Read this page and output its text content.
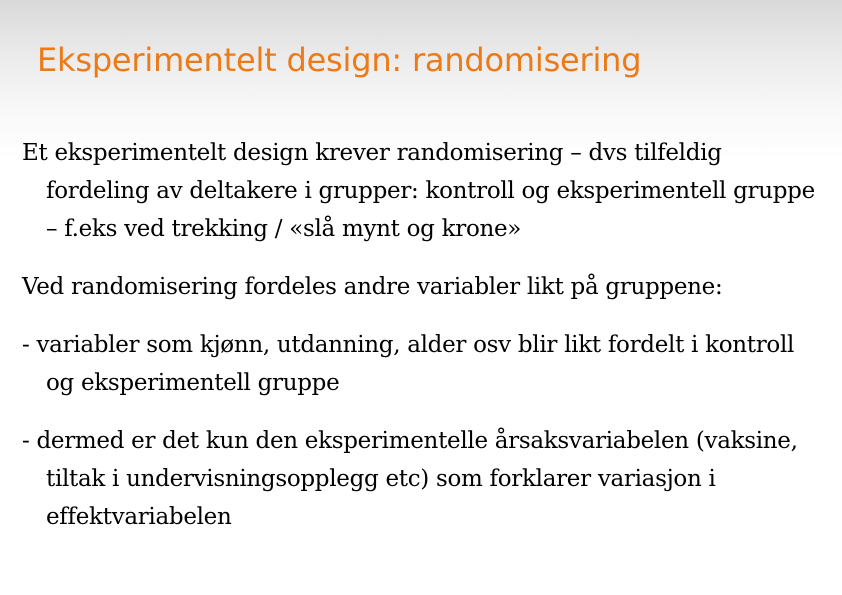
Eksperimentelt design: randomisering

Et eksperimentelt design krever randomisering – dvs tilfeldig fordeling av deltakere i grupper: kontroll og eksperimentell gruppe – f.eks ved trekking / «slå mynt og krone»

Ved randomisering fordeles andre variabler likt på gruppene:

- variabler som kjønn, utdanning, alder osv blir likt fordelt i kontroll og eksperimentell gruppe

- dermed er det kun den eksperimentelle årsaksvariabelen (vaksine, tiltak i undervisningsopplegg etc) som forklarer variasjon i effektvariabelen
